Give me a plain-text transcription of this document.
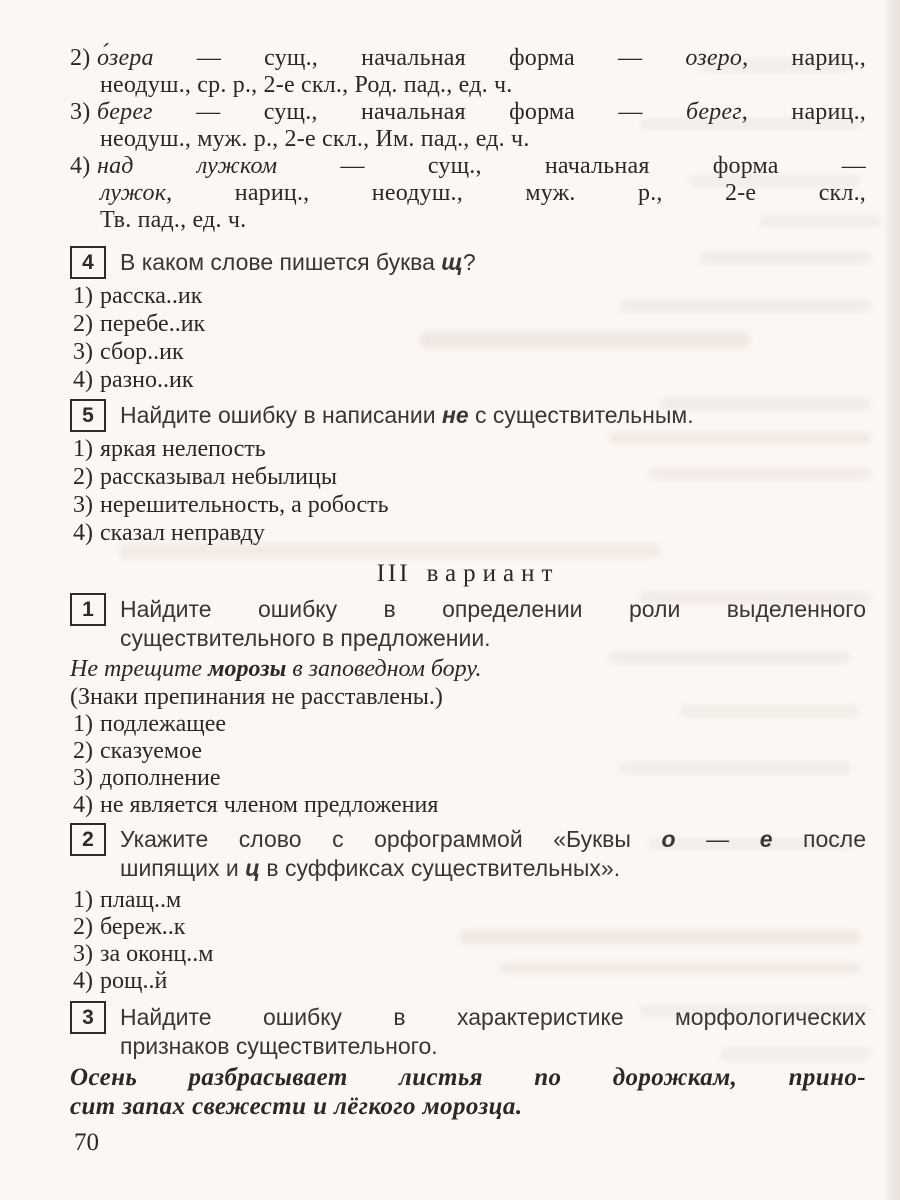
2) о́зера — сущ., начальная форма — озеро, нариц.,
неодуш., ср. р., 2-е скл., Род. пад., ед. ч.
3) берег — сущ., начальная форма — берег, нариц.,
неодуш., муж. р., 2-е скл., Им. пад., ед. ч.
4) над лужком — сущ., начальная форма —
лужок, нариц., неодуш., муж. р., 2-е скл.,
Тв. пад., ед. ч.
4	В каком слове пишется буква щ?
1) расска..ик
2) перебе..ик
3) сбор..ик
4) разно..ик
5	Найдите ошибку в написании не с существительным.
1) яркая нелепость
2) рассказывал небылицы
3) нерешительность, а робость
4) сказал неправду
III вариант
1	Найдите ошибку в определении роли выделенного
существительного в предложении.
Не трещите морозы в заповедном бору.
(Знаки препинания не расставлены.)
1) подлежащее
2) сказуемое
3) дополнение
4) не является членом предложения
2	Укажите слово с орфограммой «Буквы о — е после
шипящих и ц в суффиксах существительных».
1) плащ..м
2) береж..к
3) за оконц..м
4) рощ..й
3	Найдите ошибку в характеристике морфологических
признаков существительного.
Осень разбрасывает листья по дорожкам, прино-
сит запах свежести и лёгкого морозца.
70
